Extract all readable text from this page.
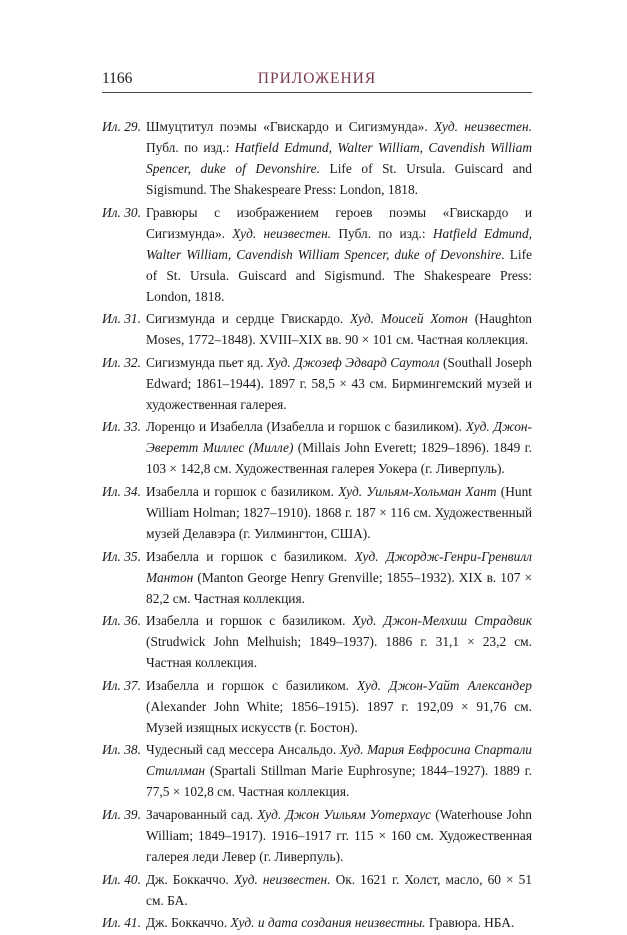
1166	ПРИЛОЖЕНИЯ
Ил. 29. Шмуцтитул поэмы «Гвискардо и Сигизмунда». Худ. неизвестен. Публ. по изд.: Hatfield Edmund, Walter William, Cavendish William Spencer, duke of Devonshire. Life of St. Ursula. Guiscard and Sigismund. The Shakespeare Press: London, 1818.
Ил. 30. Гравюры с изображением героев поэмы «Гвискардо и Сигизмунда». Худ. неизвестен. Публ. по изд.: Hatfield Edmund, Walter William, Cavendish William Spencer, duke of Devonshire. Life of St. Ursula. Guiscard and Sigismund. The Shakespeare Press: London, 1818.
Ил. 31. Сигизмунда и сердце Гвискардо. Худ. Моисей Хотон (Haughton Moses, 1772–1848). XVIII–XIX вв. 90 × 101 см. Частная коллекция.
Ил. 32. Сигизмунда пьет яд. Худ. Джозеф Эдвард Саутолл (Southall Joseph Edward; 1861–1944). 1897 г. 58,5 × 43 см. Бирмингемский музей и художественная галерея.
Ил. 33. Лоренцо и Изабелла (Изабелла и горшок с базиликом). Худ. Джон-Эверетт Миллес (Милле) (Millais John Everett; 1829–1896). 1849 г. 103 × 142,8 см. Художественная галерея Уокера (г. Ливерпуль).
Ил. 34. Изабелла и горшок с базиликом. Худ. Уильям-Хольман Хант (Hunt William Holman; 1827–1910). 1868 г. 187 × 116 см. Художественный музей Делавэра (г. Уилмингтон, США).
Ил. 35. Изабелла и горшок с базиликом. Худ. Джордж-Генри-Гренвилл Мантон (Manton George Henry Grenville; 1855–1932). XIX в. 107 × 82,2 см. Частная коллекция.
Ил. 36. Изабелла и горшок с базиликом. Худ. Джон-Мелхиш Страдвик (Strudwick John Melhuish; 1849–1937). 1886 г. 31,1 × 23,2 см. Частная коллекция.
Ил. 37. Изабелла и горшок с базиликом. Худ. Джон-Уайт Александер (Alexander John White; 1856–1915). 1897 г. 192,09 × 91,76 см. Музей изящных искусств (г. Бостон).
Ил. 38. Чудесный сад мессера Ансальдо. Худ. Мария Евфросина Спартали Стиллман (Spartali Stillman Marie Euphrosyne; 1844–1927). 1889 г. 77,5 × 102,8 см. Частная коллекция.
Ил. 39. Зачарованный сад. Худ. Джон Уильям Уотерхаус (Waterhouse John William; 1849–1917). 1916–1917 гг. 115 × 160 см. Художественная галерея леди Левер (г. Ливерпуль).
Ил. 40. Дж. Боккаччо. Худ. неизвестен. Ок. 1621 г. Холст, масло, 60 × 51 см. БА.
Ил. 41. Дж. Боккаччо. Худ. и дата создания неизвестны. Гравюра. НБА.
